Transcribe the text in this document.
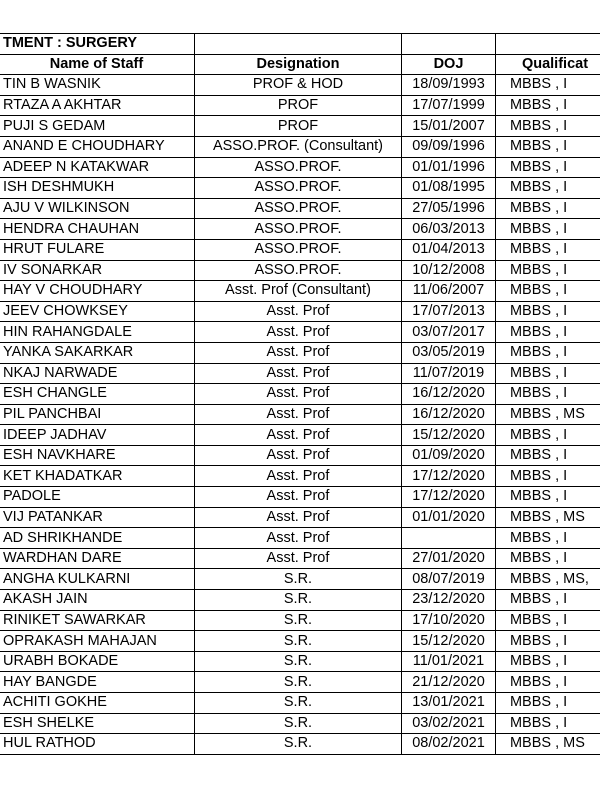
TMENT : SURGERY			
Name of Staff	Designation	DOJ	Qualificat
TIN B WASNIK	PROF & HOD	18/09/1993	MBBS , I
RTAZA A AKHTAR	PROF	17/07/1999	MBBS , I
PUJI S GEDAM	PROF	15/01/2007	MBBS , I
ANAND E CHOUDHARY	ASSO.PROF. (Consultant)	09/09/1996	MBBS , I
ADEEP N KATAKWAR	ASSO.PROF.	01/01/1996	MBBS , I
ISH DESHMUKH	ASSO.PROF.	01/08/1995	MBBS , I
AJU V WILKINSON	ASSO.PROF.	27/05/1996	MBBS , I
HENDRA CHAUHAN	ASSO.PROF.	06/03/2013	MBBS , I
HRUT FULARE	ASSO.PROF.	01/04/2013	MBBS , I
IV SONARKAR	ASSO.PROF.	10/12/2008	MBBS , I
HAY V CHOUDHARY	Asst. Prof (Consultant)	11/06/2007	MBBS , I
JEEV CHOWKSEY	Asst. Prof	17/07/2013	MBBS , I
HIN RAHANGDALE	Asst. Prof	03/07/2017	MBBS , I
YANKA SAKARKAR	Asst. Prof	03/05/2019	MBBS , I
NKAJ NARWADE	Asst. Prof	11/07/2019	MBBS , I
ESH CHANGLE	Asst. Prof	16/12/2020	MBBS , I
PIL PANCHBAI	Asst. Prof	16/12/2020	MBBS , MS
IDEEP JADHAV	Asst. Prof	15/12/2020	MBBS , I
ESH NAVKHARE	Asst. Prof	01/09/2020	MBBS , I
KET KHADATKAR	Asst. Prof	17/12/2020	MBBS , I
PADOLE	Asst. Prof	17/12/2020	MBBS , I
VIJ PATANKAR	Asst. Prof	01/01/2020	MBBS , MS
AD SHRIKHANDE	Asst. Prof		MBBS , I
WARDHAN DARE	Asst. Prof	27/01/2020	MBBS , I
ANGHA KULKARNI	S.R.	08/07/2019	MBBS , MS,
AKASH JAIN	S.R.	23/12/2020	MBBS , I
RINIKET SAWARKAR	S.R.	17/10/2020	MBBS , I
OPRAKASH MAHAJAN	S.R.	15/12/2020	MBBS , I
URABH BOKADE	S.R.	11/01/2021	MBBS , I
HAY BANGDE	S.R.	21/12/2020	MBBS , I
ACHITI GOKHE	S.R.	13/01/2021	MBBS , I
ESH SHELKE	S.R.	03/02/2021	MBBS , I
HUL RATHOD	S.R.	08/02/2021	MBBS , MS
